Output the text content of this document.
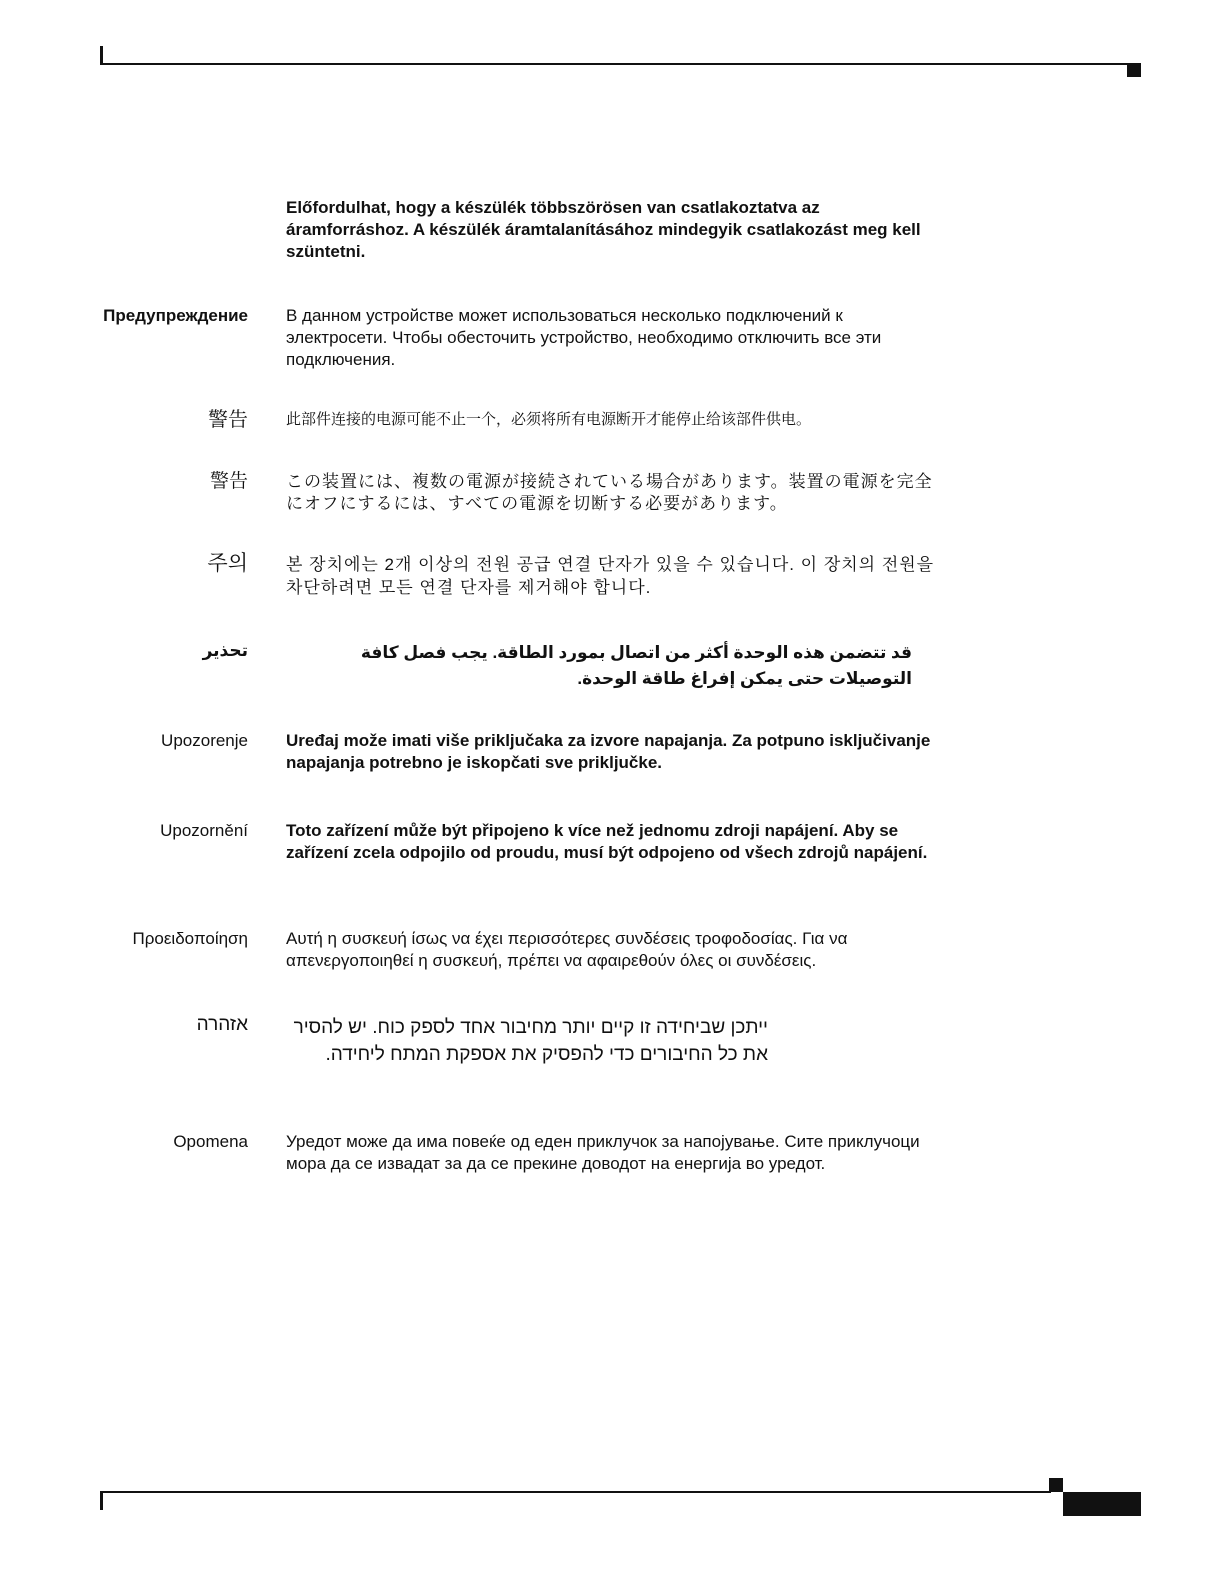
Előfordulhat, hogy a készülék többszörösen van csatlakoztatva az áramforráshoz. A készülék áramtalanításához mindegyik csatlakozást meg kell szüntetni.
Предупреждение В данном устройстве может использоваться несколько подключений к электросети. Чтобы обесточить устройство, необходимо отключить все эти подключения.
警告	此部件连接的电源可能不止一个，必须将所有电源断开才能停止给该部件供电。
警告 この装置には、複数の電源が接続されている場合があります。装置の電源を完全にオフにするには、すべての電源を切断する必要があります。
주의 본 장치에는 2개 이상의 전원 공급 연결 단자가 있을 수 있습니다. 이 장치의 전원을 차단하려면 모든 연결 단자를 제거해야 합니다.
تحذير	قد تتضمن هذه الوحدة أكثر من اتصال بمورد الطاقة. يجب فصل كافة التوصيلات حتى يمكن إفراغ طاقة الوحدة.
Upozorenje Uređaj može imati više priključaka za izvore napajanja. Za potpuno isključivanje napajanja potrebno je iskopčati sve priključke.
Upozornění Toto zařízení může být připojeno k více než jednomu zdroji napájení. Aby se zařízení zcela odpojilo od proudu, musí být odpojeno od všech zdrojů napájení.
Προειδοποίηση Αυτή η συσκευή ίσως να έχει περισσότερες συνδέσεις τροφοδοσίας. Για να απενεργοποιηθεί η συσκευή, πρέπει να αφαιρεθούν όλες οι συνδέσεις.
אזהרה	ייתכן שביחידה זו קיים יותר מחיבור אחד לספק כוח. יש להסיר את כל החיבורים כדי להפסיק את אספקת המתח ליחידה.
Opomena Уредот може да има повеќе од еден приклучок за напојување. Сите приклучоци мора да се извадат за да се прекине доводот на енергија во уредот.
